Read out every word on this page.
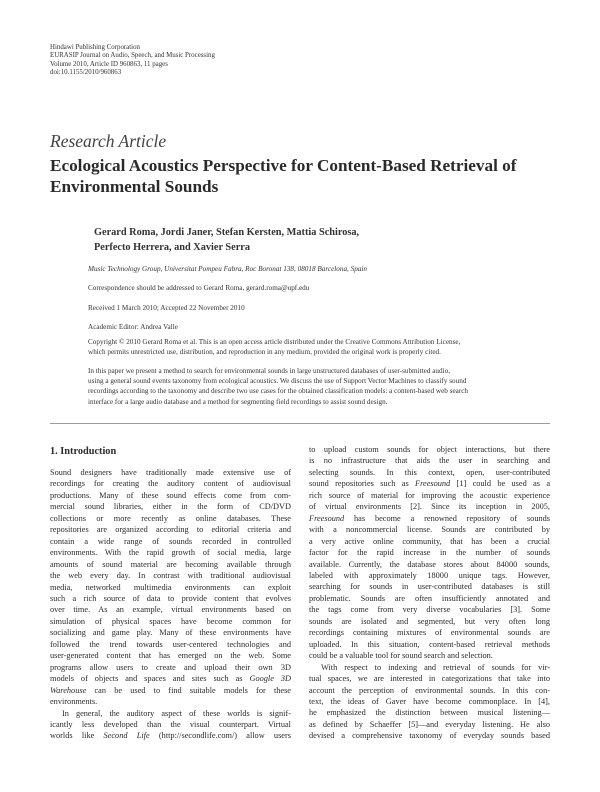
Hindawi Publishing Corporation
EURASIP Journal on Audio, Speech, and Music Processing
Volume 2010, Article ID 960863, 11 pages
doi:10.1155/2010/960863
Research Article
Ecological Acoustics Perspective for Content-Based Retrieval of
Environmental Sounds
Gerard Roma, Jordi Janer, Stefan Kersten, Mattia Schirosa,
Perfecto Herrera, and Xavier Serra
Music Technology Group, Universitat Pompeu Fabra, Roc Boronat 138, 08018 Barcelona, Spain
Correspondence should be addressed to Gerard Roma, gerard.roma@upf.edu
Received 1 March 2010; Accepted 22 November 2010
Academic Editor: Andrea Valle
Copyright © 2010 Gerard Roma et al. This is an open access article distributed under the Creative Commons Attribution License,
which permits unrestricted use, distribution, and reproduction in any medium, provided the original work is properly cited.
In this paper we present a method to search for environmental sounds in large unstructured databases of user-submitted audio,
using a general sound events taxonomy from ecological acoustics. We discuss the use of Support Vector Machines to classify sound
recordings according to the taxonomy and describe two use cases for the obtained classification models: a content-based web search
interface for a large audio database and a method for segmenting field recordings to assist sound design.
1. Introduction
Sound designers have traditionally made extensive use of
recordings for creating the auditory content of audiovisual
productions. Many of these sound effects come from com-
mercial sound libraries, either in the form of CD/DVD
collections or more recently as online databases. These
repositories are organized according to editorial criteria and
contain a wide range of sounds recorded in controlled
environments. With the rapid growth of social media, large
amounts of sound material are becoming available through
the web every day. In contrast with traditional audiovisual
media, networked multimedia environments can exploit
such a rich source of data to provide content that evolves
over time. As an example, virtual environments based on
simulation of physical spaces have become common for
socializing and game play. Many of these environments have
followed the trend towards user-centered technologies and
user-generated content that has emerged on the web. Some
programs allow users to create and upload their own 3D
models of objects and spaces and sites such as Google 3D
Warehouse can be used to find suitable models for these
environments.
In general, the auditory aspect of these worlds is signif-
icantly less developed than the visual counterpart. Virtual
worlds like Second Life (http://secondlife.com/) allow users
to upload custom sounds for object interactions, but there
is no infrastructure that aids the user in searching and
selecting sounds. In this context, open, user-contributed
sound repositories such as Freesound [1] could be used as a
rich source of material for improving the acoustic experience
of virtual environments [2]. Since its inception in 2005,
Freesound has become a renowned repository of sounds
with a noncommercial license. Sounds are contributed by
a very active online community, that has been a crucial
factor for the rapid increase in the number of sounds
available. Currently, the database stores about 84000 sounds,
labeled with approximately 18000 unique tags. However,
searching for sounds in user-contributed databases is still
problematic. Sounds are often insufficiently annotated and
the tags come from very diverse vocabularies [3]. Some
sounds are isolated and segmented, but very often long
recordings containing mixtures of environmental sounds are
uploaded. In this situation, content-based retrieval methods
could be a valuable tool for sound search and selection.
With respect to indexing and retrieval of sounds for vir-
tual spaces, we are interested in categorizations that take into
account the perception of environmental sounds. In this con-
text, the ideas of Gaver have become commonplace. In [4],
he emphasized the distinction between musical listening—
as defined by Schaeffer [5]—and everyday listening. He also
devised a comprehensive taxonomy of everyday sounds based
